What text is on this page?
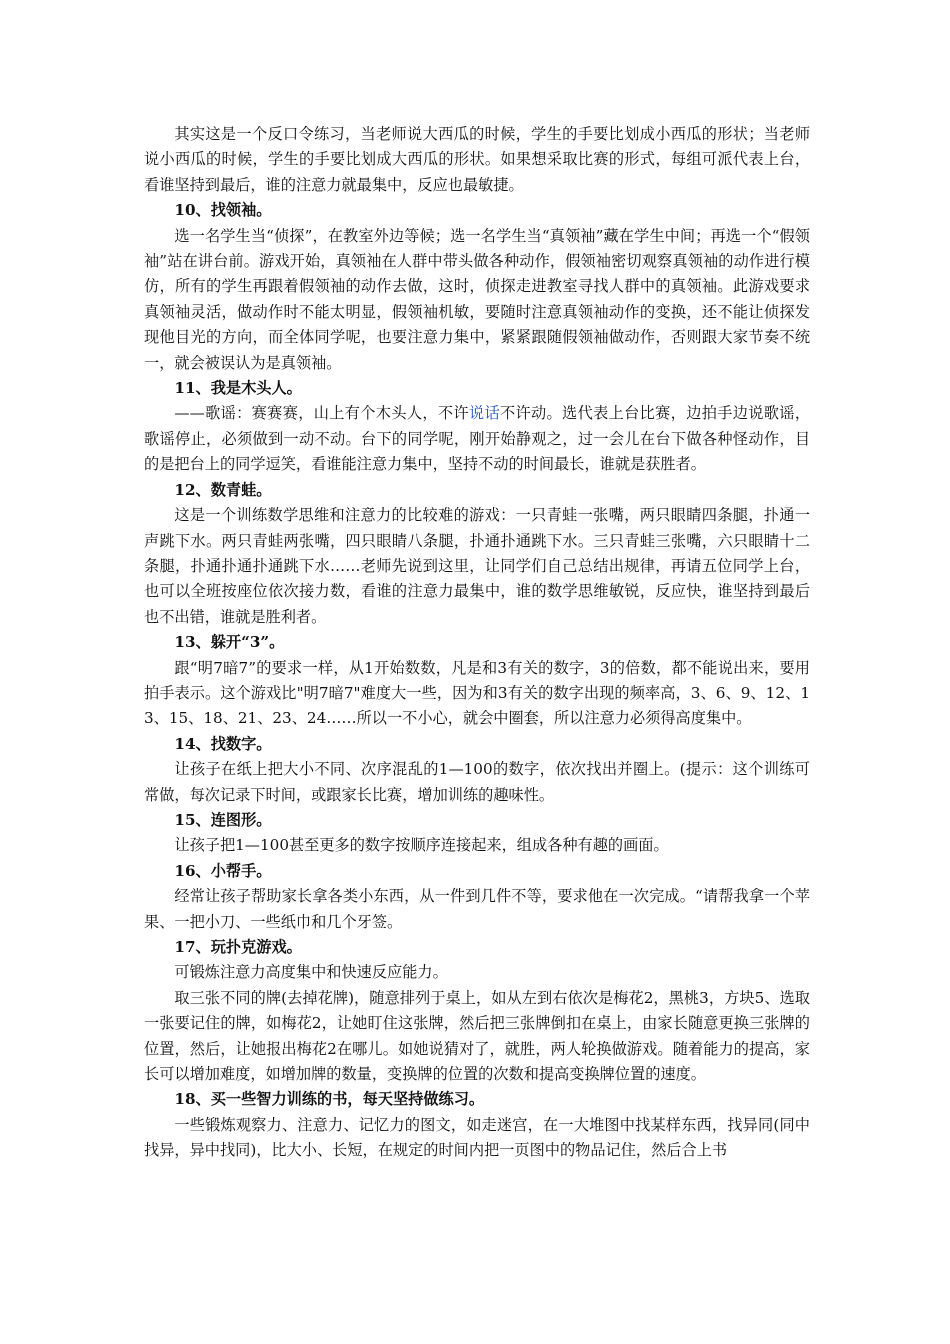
其实这是一个反口令练习，当老师说大西瓜的时候，学生的手要比划成小西瓜的形状；当老师说小西瓜的时候，学生的手要比划成大西瓜的形状。如果想采取比赛的形式，每组可派代表上台，看谁坚持到最后，谁的注意力就最集中，反应也最敏捷。

10、找领袖。

选一名学生当“侦探”，在教室外边等候；选一名学生当“真领袖”藏在学生中间；再选一个“假领袖”站在讲台前。游戏开始，真领袖在人群中带头做各种动作，假领袖密切观察真领袖的动作进行模仿，所有的学生再跟着假领袖的动作去做，这时，侦探走进教室寻找人群中的真领袖。此游戏要求真领袖灵活，做动作时不能太明显，假领袖机敏，要随时注意真领袖动作的变换，还不能让侦探发现他目光的方向，而全体同学呢，也要注意力集中，紧紧跟随假领袖做动作，否则跟大家节奏不统一，就会被误认为是真领袖。

11、我是木头人。

——歌谣：赛赛赛，山上有个木头人，不许说话不许动。选代表上台比赛，边拍手边说歌谣，歌谣停止，必须做到一动不动。台下的同学呢，刚开始静观之，过一会儿在台下做各种怪动作，目的是把台上的同学逗笑，看谁能注意力集中，坚持不动的时间最长，谁就是获胜者。

12、数青蛙。

这是一个训练数学思维和注意力的比较难的游戏：一只青蛙一张嘴，两只眼睛四条腿，扑通一声跳下水。两只青蛙两张嘴，四只眼睛八条腿，扑通扑通跳下水。三只青蛙三张嘴，六只眼睛十二条腿，扑通扑通扑通跳下水……老师先说到这里，让同学们自己总结出规律，再请五位同学上台，也可以全班按座位依次接力数，看谁的注意力最集中，谁的数学思维敏锐，反应快，谁坚持到最后也不出错，谁就是胜利者。

13、躲开“3”。

跟“明7暗7”的要求一样，从1开始数数，凡是和3有关的数字，3的倍数，都不能说出来，要用拍手表示。这个游戏比"明7暗7"难度大一些，因为和3有关的数字出现的频率高，3、6、9、12、13、15、18、21、23、24……所以一不小心，就会中圈套，所以注意力必须得高度集中。

14、找数字。

让孩子在纸上把大小不同、次序混乱的1—100的数字，依次找出并圈上。(提示：这个训练可常做，每次记录下时间，或跟家长比赛，增加训练的趣味性。

15、连图形。

让孩子把1—100甚至更多的数字按顺序连接起来，组成各种有趣的画面。

16、小帮手。

经常让孩子帮助家长拿各类小东西，从一件到几件不等，要求他在一次完成。“请帮我拿一个苹果、一把小刀、一些纸巾和几个牙签。

17、玩扑克游戏。

可锻炼注意力高度集中和快速反应能力。

取三张不同的牌(去掉花牌)，随意排列于桌上，如从左到右依次是梅花2，黑桃3，方块5、选取一张要记住的牌，如梅花2，让她盯住这张牌，然后把三张牌倒扣在桌上，由家长随意更换三张牌的位置，然后，让她报出梅花2在哪儿。如她说猜对了，就胜，两人轮换做游戏。随着能力的提高，家长可以增加难度，如增加牌的数量，变换牌的位置的次数和提高变换牌位置的速度。

18、买一些智力训练的书，每天坚持做练习。

一些锻炼观察力、注意力、记忆力的图文，如走迷宫，在一大堆图中找某样东西，找异同(同中找异，异中找同)，比大小、长短，在规定的时间内把一页图中的物品记住，然后合上书
